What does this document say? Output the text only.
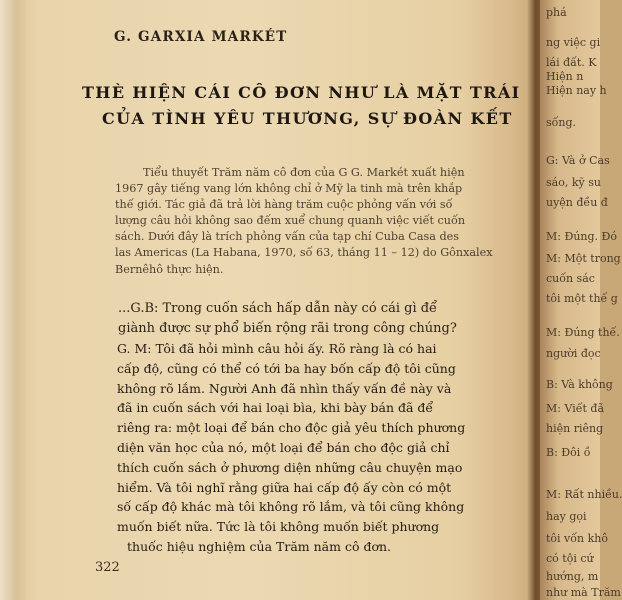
G. GARXIA MARKÉT

THÈ HIỆN CÁI CÔ ĐƠN NHƯ LÀ MẶT TRÁI
CỦA TÌNH YÊU THƯƠNG, SỰ ĐOÀN KẾT
Tiểu thuyết Trăm năm cô đơn của G G. Markét xuất hiện
1967 gây tiếng vang lớn không chỉ ở Mỹ la tinh mà trên khắp
thế giới. Tác giả đã trả lời hàng trăm cuộc phỏng vấn với số
lượng câu hỏi không sao đếm xuể chung quanh việc viết cuốn
sách. Dưới đây là trích phỏng vấn của tạp chí Cuba Casa des
las Americas (La Habana, 1970, số 63, tháng 11 – 12) do Gônxalex
Bernêhô thực hiện.
...G.B: Trong cuốn sách hấp dẫn này có cái gì để
giành được sự phổ biến rộng rãi trong công chúng?
G. M: Tôi đã hỏi mình câu hỏi ấy. Rõ ràng là có hai
cấp độ, cũng có thể có tới ba hay bốn cấp độ tôi cũng
không rõ lắm. Người Anh đã nhìn thấy vấn đề này và
đã in cuốn sách với hai loại bìa, khi bày bán đã để
riêng ra: một loại để bán cho độc giả yêu thích phương
diện văn học của nó, một loại để bán cho độc giả chỉ
thích cuốn sách ở phương diện những câu chuyện mạo
hiểm. Và tôi nghĩ rằng giữa hai cấp độ ấy còn có một
số cấp độ khác mà tôi không rõ lắm, và tôi cũng không
muốn biết nữa. Tức là tôi không muốn biết phương
thuốc hiệu nghiệm của Trăm năm cô đơn.

322

phá
ng việc gi
lái đất. K
Hiện n
Hiện nay h
sống.
G: Và ở Cas
sáo, kỹ su
uyện đều đ
M: Đúng. Đó
M: Một trong
cuốn sác
tôi một thế g
M: Đúng thế.
người đọc
B: Và không
M: Viết đã
hiện riêng
B: Đôi ồ
M: Rất nhiều.
hay gọi
tôi vốn khô
có tội cứ
hướng, m
như mà Trăm
